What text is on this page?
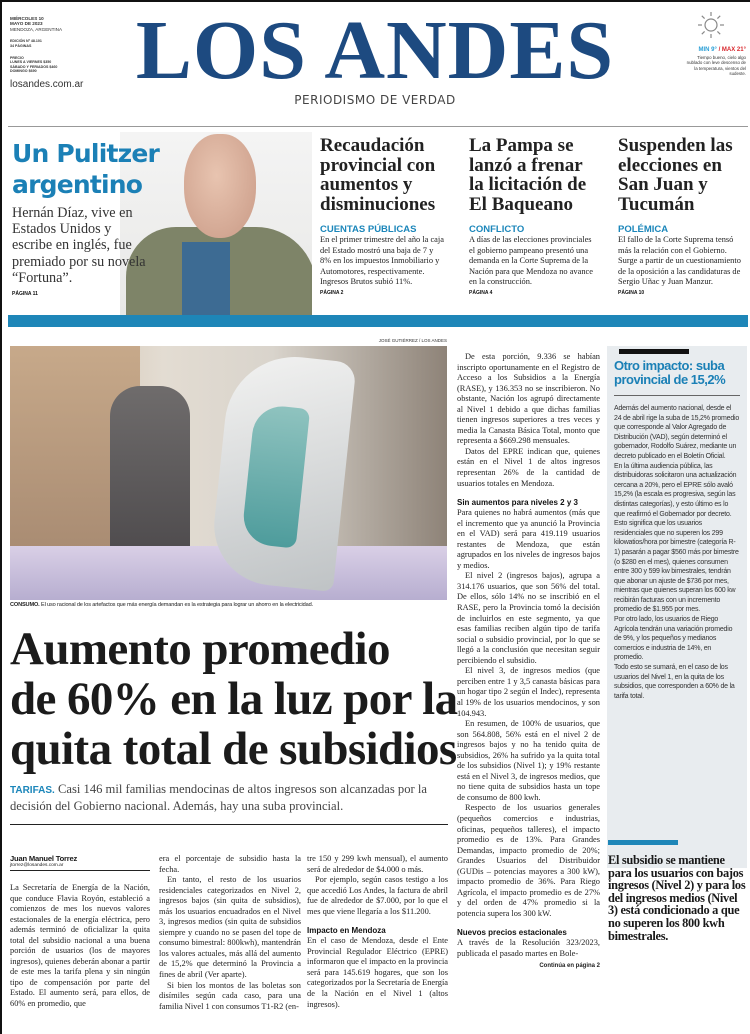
MIÉRCOLES 10
MAYO DE 2023
MENDOZA, ARGENTINA
EDICIÓN Nº 48.101
34 PÁGINAS
PRECIO
LUNES A VIERNES $350
SÁBADO Y FERIADOS $460
DOMINGO $690
losandes.com.ar LOS ANDES
PERIODISMO DE VERDAD
MIN 9° / MAX 21°
Tiempo bueno, cielo algo nublado con leve descenso de la temperatura, vientos del sudeste.
Un Pulitzer
argentino
Hernán Díaz, vive en Estados Unidos y escribe en inglés, fue premiado por su novela “Fortuna”.
PÁGINA 11
Recaudación provincial con aumentos y disminuciones
CUENTAS PÚBLICAS
En el primer trimestre del año la caja del Estado mostró una baja de 7 y 8% en los impuestos Inmobiliario y Automotores, respectivamente. Ingresos Brutos subió 11%.
PÁGINA 2
La Pampa se lanzó a frenar la licitación de El Baqueano
CONFLICTO
A días de las elecciones provinciales el gobierno pampeano presentó una demanda en la Corte Suprema de la Nación para que Mendoza no avance en la construcción.
PÁGINA 4
Suspenden las elecciones en San Juan y Tucumán
POLÉMICA
El fallo de la Corte Suprema tensó más la relación con el Gobierno. Surge a partir de un cuestionamiento de la oposición a las candidaturas de Sergio Uñac y Juan Manzur.
PÁGINA 10
JOSÉ GUTIÉRREZ / LOS ANDES
CONSUMO. El uso racional de los artefactos que más energía demandan es la estrategia para lograr un ahorro en la electricidad.
Aumento promedio
de 60% en la luz por la
quita total de subsidios
TARIFAS. Casi 146 mil familias mendocinas de altos ingresos son alcanzadas por la decisión del Gobierno nacional. Además, hay una suba provincial.
Juan Manuel Torrez
jtorrez@losandes.com.ar

La Secretaría de Energía de la Nación, que conduce Flavia Royón, estableció a comienzos de mes los nuevos valores estacionales de la energía eléctrica, pero además terminó de oficializar la quita total del subsidio nacional a una buena porción de usuarios (los de mayores ingresos), quienes deberán abonar a partir de este mes la tarifa plena y sin ningún tipo de compensación por parte del Estado. El aumento será, para ellos, de 60% en promedio, que

era el porcentaje de subsidio hasta la fecha.

En tanto, el resto de los usuarios residenciales categorizados en Nivel 2, ingresos bajos (sin quita de subsidios), más los usuarios encuadrados en el Nivel 3, ingresos medios (sin quita de subsidios siempre y cuando no se pasen del tope de consumo bimestral: 800kwh), mantendrán los valores actuales, más allá del aumento de 15,2% que determinó la Provincia a fines de abril (Ver aparte).

Si bien los montos de las boletas son disímiles según cada caso, para una familia Nivel 1 con consumos T1-R2 (en-

tre 150 y 299 kwh mensual), el aumento será de alrededor de $4.000 o más.

Por ejemplo, según casos testigo a los que accedió Los Andes, la factura de abril fue de alrededor de $7.000, por lo que el mes que viene llegaría a los $11.200.

Impacto en Mendoza

En el caso de Mendoza, desde el Ente Provincial Regulador Eléctrico (EPRE) informaron que el impacto en la provincia será para 145.619 hogares, que son los categorizados por la Secretaría de Energía de la Nación en el Nivel 1 (altos ingresos).

De esta porción, 9.336 se habían inscripto oportunamente en el Registro de Acceso a los Subsidios a la Energía (RASE), y 136.353 no se inscribieron. No obstante, Nación los agrupó directamente al Nivel 1 debido a que dichas familias tienen ingresos superiores a tres veces y media la Canasta Básica Total, monto que representa a $669.298 mensuales.

Datos del EPRE indican que, quienes están en el Nivel 1 de altos ingresos representan 26% de la cantidad de usuarios totales en Mendoza.

Sin aumentos para niveles 2 y 3

Para quienes no habrá aumentos (más que el incremento que ya anunció la Provincia en el VAD) será para 419.119 usuarios restantes de Mendoza, que están agrupados en los niveles de ingresos bajos y medios.

El nivel 2 (ingresos bajos), agrupa a 314.176 usuarios, que son 56% del total. De ellos, sólo 14% no se inscribió en el RASE, pero la Provincia tomó la decisión de incluirlos en este segmento, ya que esas familias reciben algún tipo de tarifa social o subsidio provincial, por lo que se llegó a la conclusión que necesitan seguir percibiendo el subsidio.

El nivel 3, de ingresos medios (que perciben entre 1 y 3,5 canasta básicas para un hogar tipo 2 según el Indec), representa al 19% de los usuarios mendocinos, y son 104.943.

En resumen, de 100% de usuarios, que son 564.808, 56% está en el nivel 2 de ingresos bajos y no ha tenido quita de subsidios, 26% ha sufrido ya la quita total de los subsidios (Nivel 1); y 19% restante está en el Nivel 3, de ingresos medios, que no tiene quita de subsidios hasta un tope de consumo de 800 kwh.

Respecto de los usuarios generales (pequeños comercios e industrias, oficinas, pequeños talleres), el impacto promedio es de 13%. Para Grandes Demandas, impacto promedio de 20%; Grandes Usuarios del Distribuidor (GUDis – potencias mayores a 300 kW), impacto promedio de 36%. Para Riego Agrícola, el impacto promedio es de 27% y del orden de 47% promedio si la potencia supera los 300 kW.

Nuevos precios estacionales

A través de la Resolución 323/2023, publicada el pasado martes en Bole-

Continúa en página 2
Otro impacto: suba provincial de 15,2%
Además del aumento nacional, desde el 24 de abril rige la suba de 15,2% promedio que corresponde al Valor Agregado de Distribución (VAD), según determinó el gobernador, Rodolfo Suárez, mediante un decreto publicado en el Boletín Oficial.
En la última audiencia pública, las distribuidoras solicitaron una actualización cercana a 20%, pero el EPRE sólo avaló 15,2% (la escala es progresiva, según las distintas categorías), y esto último es lo que reafirmó el Gobernador por decreto.
Esto significa que los usuarios residenciales que no superen los 299 kilowatios/hora por bimestre (categoría R-1) pasarán a pagar $560 más por bimestre (o $280 en el mes), quienes consumen entre 300 y 599 kw bimestrales, tendrán que abonar un ajuste de $736 por mes, mientras que quienes superan los 600 kw recibirán facturas con un incremento promedio de $1.955 por mes.
Por otro lado, los usuarios de Riego Agrícola tendrán una variación promedio de 9%, y los pequeños y medianos comercios e industria de 14%, en promedio.
Todo esto se sumará, en el caso de los usuarios del Nivel 1, en la quita de los subsidios, que corresponden a 60% de la tarifa total.
El subsidio se mantiene para los usuarios con bajos ingresos (Nivel 2) y para los del ingresos medios (Nivel 3) está condicionado a que no superen los 800 kwh bimestrales.
